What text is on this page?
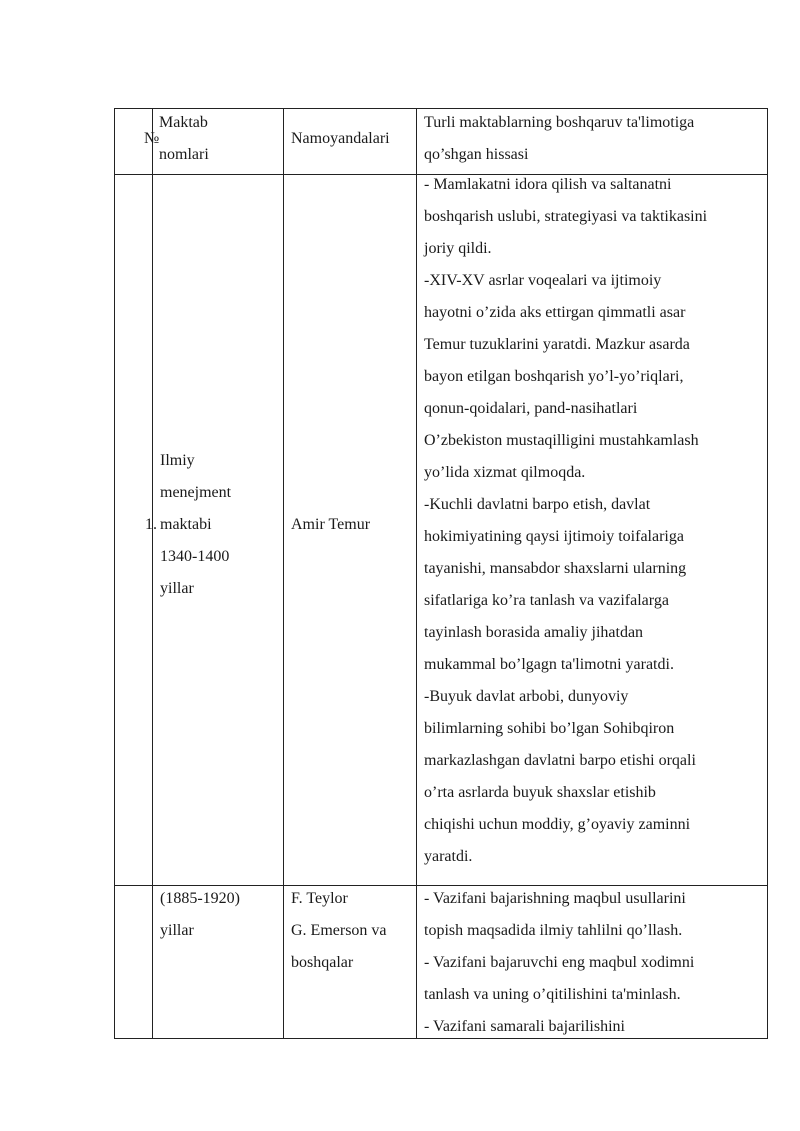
№
Maktab
nomlari
Namoyandalari
Turli maktablarning boshqaruv ta'limotiga
qo’shgan hissasi
1.
Ilmiy
menejment
maktabi
1340-1400
yillar
Amir Temur
- Mamlakatni idora qilish va saltanatni
boshqarish uslubi, strategiyasi va taktikasini
joriy qildi.
-XIV-XV asrlar voqealari va ijtimoiy
hayotni o’zida aks ettirgan qimmatli asar
Temur tuzuklarini yaratdi. Mazkur asarda
bayon etilgan boshqarish yo’l-yo’riqlari,
qonun-qoidalari, pand-nasihatlari
O’zbekiston mustaqilligini mustahkamlash
yo’lida xizmat qilmoqda.
-Kuchli davlatni barpo etish, davlat
hokimiyatining qaysi ijtimoiy toifalariga
tayanishi, mansabdor shaxslarni ularning
sifatlariga ko’ra tanlash va vazifalarga
tayinlash borasida amaliy jihatdan
mukammal bo’lgagn ta'limotni yaratdi.
-Buyuk davlat arbobi, dunyoviy
bilimlarning sohibi bo’lgan Sohibqiron
markazlashgan davlatni barpo etishi orqali
o’rta asrlarda buyuk shaxslar etishib
chiqishi uchun moddiy, g’oyaviy zaminni
yaratdi.
(1885-1920)
yillar
F. Teylor
G. Emerson va
boshqalar
- Vazifani bajarishning maqbul usullarini
topish maqsadida ilmiy tahlilni qo’llash.
- Vazifani bajaruvchi eng maqbul xodimni
tanlash va uning o’qitilishini ta'minlash.
- Vazifani samarali bajarilishini
